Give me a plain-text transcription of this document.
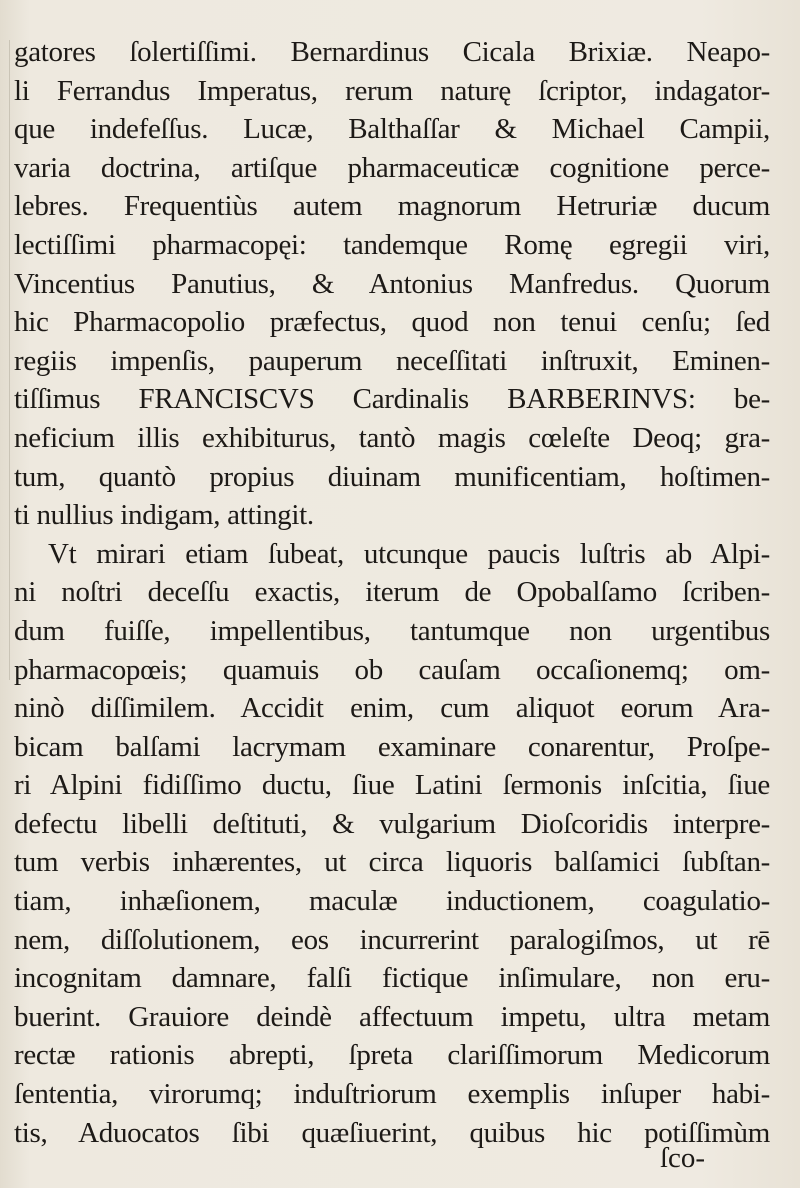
gatores ſolertiſſimi. Bernardinus Cicala Brixiæ. Neapo-
li Ferrandus Imperatus, rerum naturę ſcriptor, indagator-
que indefeſſus. Lucæ, Balthaſſar & Michael Campii,
varia doctrina, artiſque pharmaceuticæ cognitione perce-
lebres. Frequentiùs autem magnorum Hetruriæ ducum
lectiſſimi pharmacopęi: tandemque Romę egregii viri,
Vincentius Panutius, & Antonius Manfredus. Quorum
hic Pharmacopolio præfectus, quod non tenui cenſu; ſed
regiis impenſis, pauperum neceſſitati inſtruxit, Eminen-
tiſſimus FRANCISCVS Cardinalis BARBERINVS: be-
neficium illis exhibiturus, tantò magis cœleſte Deoq; gra-
tum, quantò propius diuinam munificentiam, hoſtimen-
ti nullius indigam, attingit.
Vt mirari etiam ſubeat, utcunque paucis luſtris ab Alpi-
ni noſtri deceſſu exactis, iterum de Opobalſamo ſcriben-
dum fuiſſe, impellentibus, tantumque non urgentibus
pharmacopœis; quamuis ob cauſam occaſionemq; om-
ninò diſſimilem. Accidit enim, cum aliquot eorum Ara-
bicam balſami lacrymam examinare conarentur, Proſpe-
ri Alpini fidiſſimo ductu, ſiue Latini ſermonis inſcitia, ſiue
defectu libelli deſtituti, & vulgarium Dioſcoridis interpre-
tum verbis inhærentes, ut circa liquoris balſamici ſubſtan-
tiam, inhæſionem, maculæ inductionem, coagulatio-
nem, diſſolutionem, eos incurrerint paralogiſmos, ut rē
incognitam damnare, falſi fictique inſimulare, non eru-
buerint. Grauiore deindè affectuum impetu, ultra metam
rectæ rationis abrepti, ſpreta clariſſimorum Medicorum
ſententia, virorumq; induſtriorum exemplis inſuper habi-
tis, Aduocatos ſibi quæſiuerint, quibus hic potiſſimùm
ſco-
